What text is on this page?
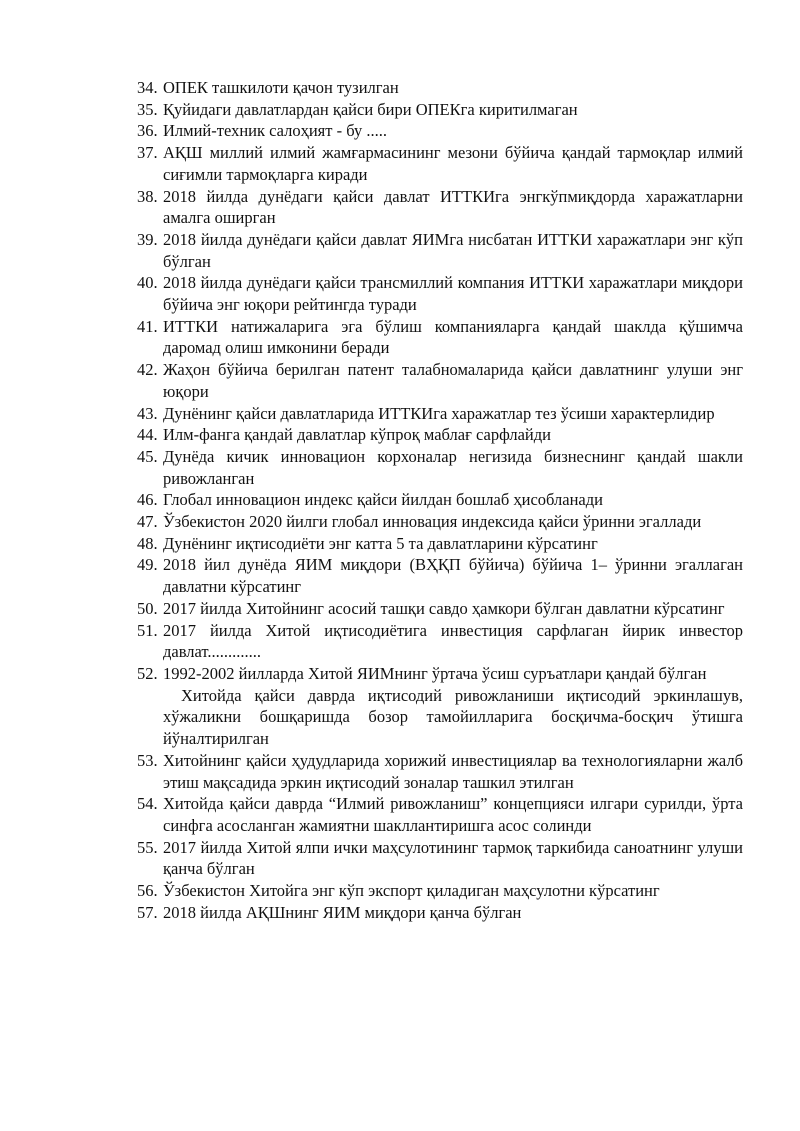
34. ОПЕК ташкилоти қачон тузилган
35. Қуйидаги давлатлардан қайси бири ОПЕКга киритилмаган
36. Илмий-техник салоҳият - бу .....
37. АҚШ миллий илмий жамғармасининг мезони бўйича қандай тармоқлар илмий сиғимли тармоқларга киради
38. 2018 йилда дунёдаги қайси давлат ИТТКИга энгкўпмиқдорда харажатларни амалга оширган
39. 2018 йилда дунёдаги қайси давлат ЯИМга нисбатан ИТТКИ харажатлари энг кўп бўлган
40. 2018 йилда дунёдаги қайси трансмиллий компания ИТТКИ харажатлари миқдори бўйича энг юқори рейтингда туради
41. ИТТКИ натижаларига эга бўлиш компанияларга қандай шаклда қўшимча даромад олиш имконини беради
42. Жаҳон бўйича берилган патент талабномаларида қайси давлатнинг улуши энг юқори
43. Дунёнинг қайси давлатларида ИТТКИга харажатлар тез ўсиши характерлидир
44. Илм-фанга қандай давлатлар кўпроқ маблағ сарфлайди
45. Дунёда кичик инновацион корхоналар негизида бизнеснинг қандай шакли ривожланган
46. Глобал инновацион индекс қайси йилдан бошлаб ҳисобланади
47. Ўзбекистон 2020 йилги глобал инновация индексида қайси ўринни эгаллади
48. Дунёнинг иқтисодиёти энг катта 5 та давлатларини кўрсатинг
49. 2018 йил дунёда ЯИМ миқдори (ВҲҚП бўйича) бўйича 1– ўринни эгаллаган давлатни кўрсатинг
50. 2017 йилда Хитойнинг асосий ташқи савдо ҳамкори бўлган давлатни кўрсатинг
51. 2017 йилда Хитой иқтисодиётига инвестиция сарфлаган йирик инвестор давлат.............
52. 1992-2002 йилларда Хитой ЯИМнинг ўртача ўсиш суръатлари қандай бўлган

Хитойда қайси даврда иқтисодий ривожланиши иқтисодий эркинлашув, хўжаликни бошқаришда бозор тамойилларига босқичма-босқич ўтишга йўналтирилган

53. Хитойнинг қайси ҳудудларида хорижий инвестициялар ва технологияларни жалб этиш мақсадида эркин иқтисодий зоналар ташкил этилган
54. Хитойда қайси даврда “Илмий ривожланиш” концепцияси илгари сурилди, ўрта синфга асосланган жамиятни шакллантиришга асос солинди
55. 2017 йилда Хитой ялпи ички маҳсулотининг тармоқ таркибида саноатнинг улуши қанча бўлган
56. Ўзбекистон Хитойга энг кўп экспорт қиладиган маҳсулотни кўрсатинг
57. 2018 йилда АҚШнинг ЯИМ миқдори қанча бўлган
